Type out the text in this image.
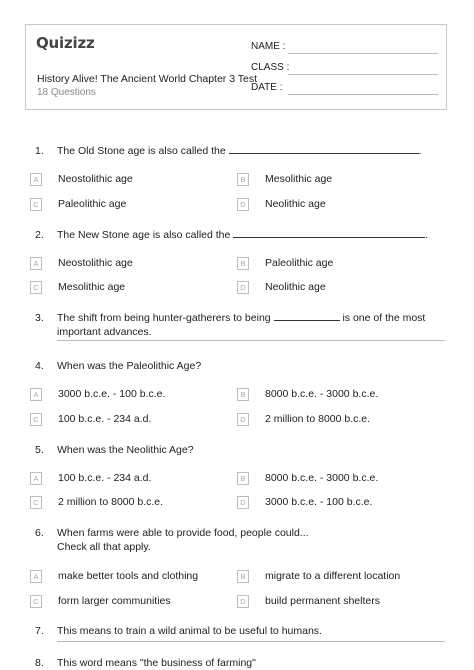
Quizizz
History Alive! The Ancient World Chapter 3 Test
18 Questions
NAME :
CLASS :
DATE :
1. The Old Stone age is also called the	.
A	Neostolithic age	B	Mesolithic age
C	Paleolithic age	D	Neolithic age
2. The New Stone age is also called the	.
A	Neostolithic age	B	Paleolithic age
C	Mesolithic age	D	Neolithic age
3. The shift from being hunter-gatherers to being	is one of the most
important advances.
4. When was the Paleolithic Age?
A	3000 b.c.e. - 100 b.c.e.	B	8000 b.c.e. - 3000 b.c.e.
C	100 b.c.e. - 234 a.d.	D	2 million to 8000 b.c.e.
5. When was the Neolithic Age?
A	100 b.c.e. - 234 a.d.	B	8000 b.c.e. - 3000 b.c.e.
C	2 million to 8000 b.c.e.	D	3000 b.c.e. - 100 b.c.e.
6. When farms were able to provide food, people could...
Check all that apply.
A	make better tools and clothing	B	migrate to a different location
C	form larger communities	D	build permanent shelters
7. This means to train a wild animal to be useful to humans.
8. This word means "the business of farming"
